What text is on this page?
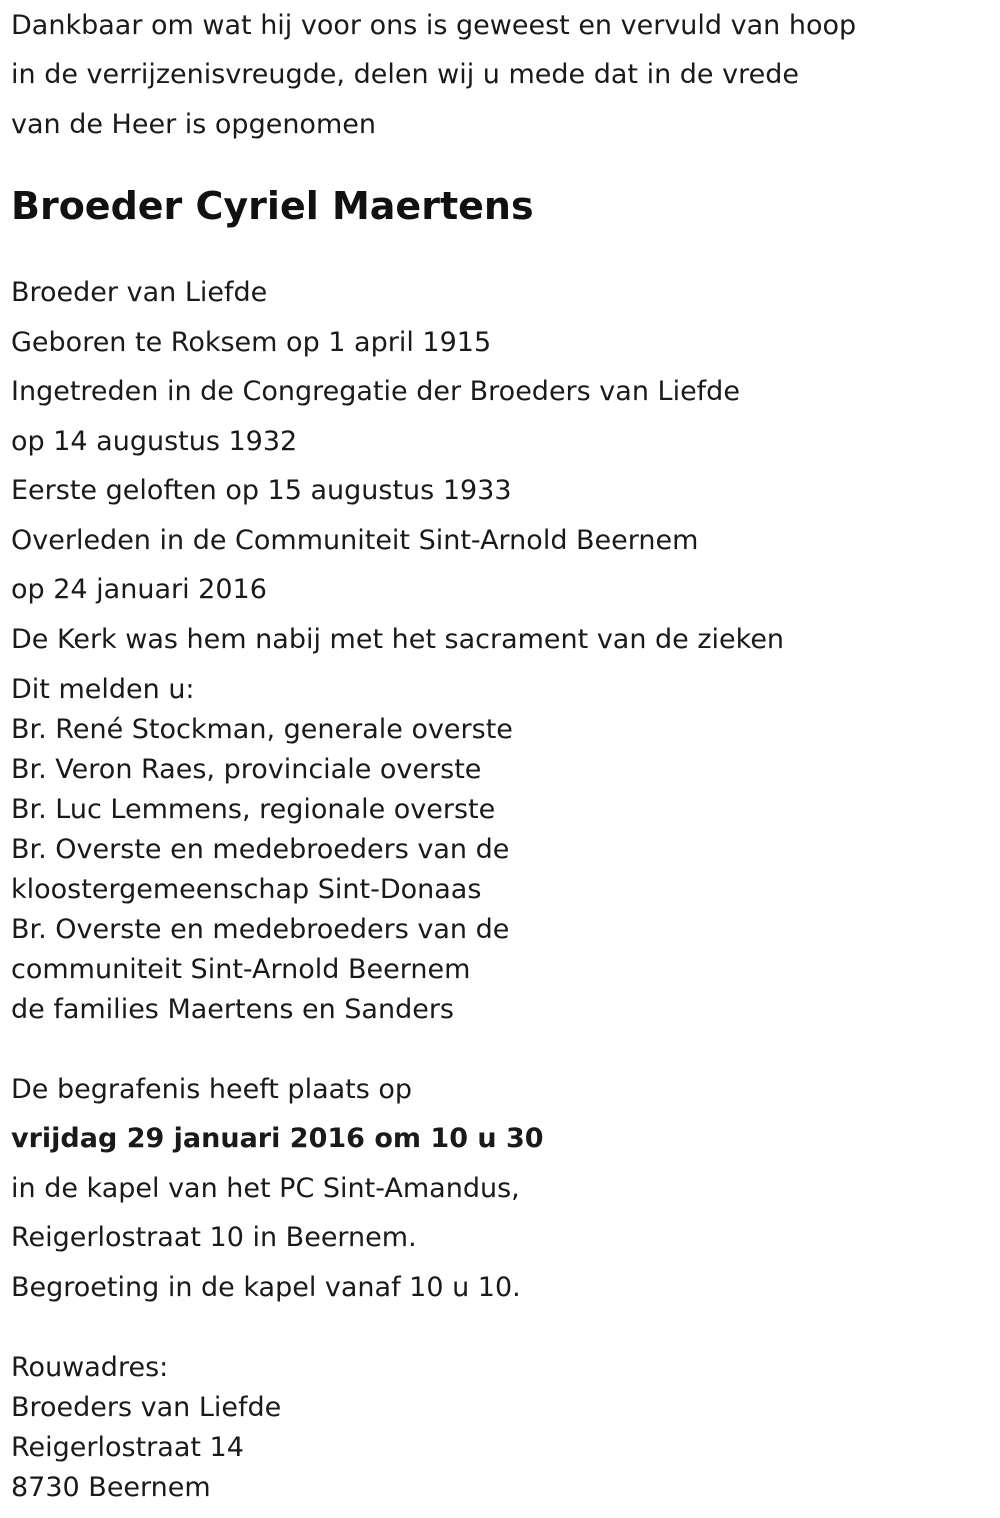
Dankbaar om wat hij voor ons is geweest en vervuld van hoop
in de verrijzenisvreugde, delen wij u mede dat in de vrede
van de Heer is opgenomen
Broeder Cyriel Maertens
Broeder van Liefde
Geboren te Roksem op 1 april 1915
Ingetreden in de Congregatie der Broeders van Liefde
op 14 augustus 1932
Eerste geloften op 15 augustus 1933
Overleden in de Communiteit Sint-Arnold Beernem
op 24 januari 2016
De Kerk was hem nabij met het sacrament van de zieken
Dit melden u:
Br. René Stockman, generale overste
Br. Veron Raes, provinciale overste
Br. Luc Lemmens, regionale overste
Br. Overste en medebroeders van de
kloostergemeenschap Sint-Donaas
Br. Overste en medebroeders van de
communiteit Sint-Arnold Beernem
de families Maertens en Sanders
De begrafenis heeft plaats op
vrijdag 29 januari 2016 om 10 u 30
in de kapel van het PC Sint-Amandus,
Reigerlostraat 10 in Beernem.
Begroeting in de kapel vanaf 10 u 10.
Rouwadres:
Broeders van Liefde
Reigerlostraat 14
8730 Beernem
